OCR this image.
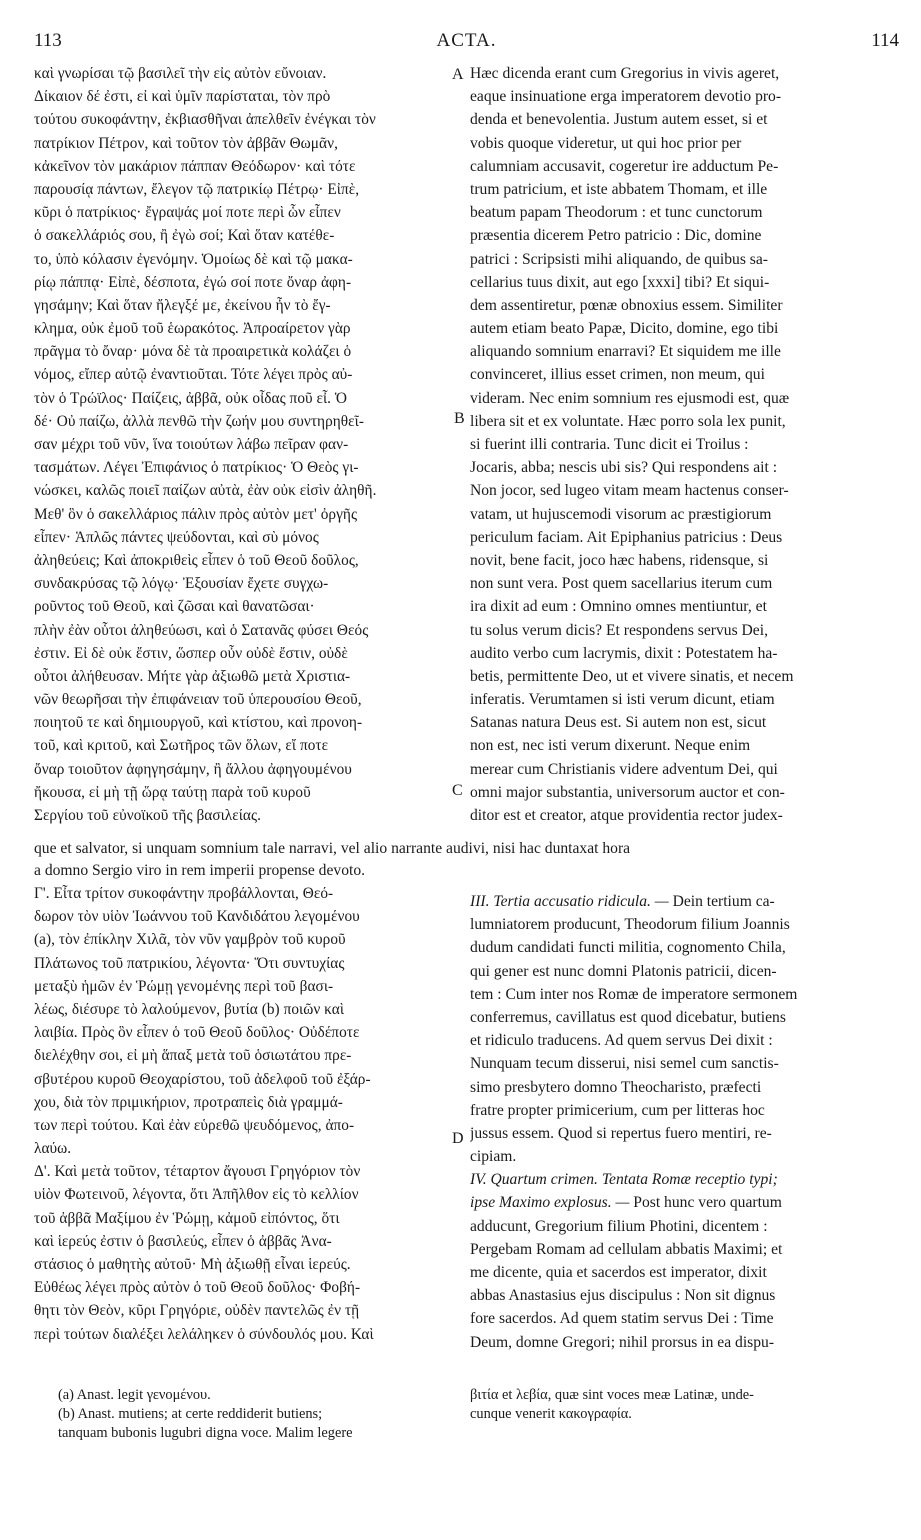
113	ACTA.	114
A
B
C
D
καὶ γνωρίσαι τῷ βασιλεῖ τὴν εἰς αὐτὸν εὔνοιαν.
Δίκαιον δέ ἐστι, εἰ καὶ ὑμῖν παρίσταται, τὸν πρὸ
τούτου συκοφάντην, ἐκβιασθῆναι ἀπελθεῖν ἐνέγκαι τὸν
πατρίκιον Πέτρον, καὶ τοῦτον τὸν ἀββᾶν Θωμᾶν,
κἀκεῖνον τὸν μακάριον πάππαν Θεόδωρον· καὶ τότε
παρουσίᾳ πάντων, ἔλεγον τῷ πατρικίῳ Πέτρῳ· Εἰπὲ,
κῦρι ὁ πατρίκιος· ἔγραψάς μοί ποτε περὶ ὧν εἶπεν
ὁ σακελλάριός σου, ἢ ἐγὼ σοί; Καὶ ὅταν κατέθε-
το, ὑπὸ κόλασιν ἐγενόμην. Ὁμοίως δὲ καὶ τῷ μακα-
ρίῳ πάππᾳ· Εἰπὲ, δέσποτα, ἐγώ σοί ποτε ὄναρ ἀφη-
γησάμην; Καὶ ὅταν ἤλεγξέ με, ἐκείνου ἦν τὸ ἔγ-
κλημα, οὐκ ἐμοῦ τοῦ ἑωρακότος. Ἀπροαίρετον γὰρ
πρᾶγμα τὸ ὄναρ· μόνα δὲ τὰ προαιρετικὰ κολάζει ὁ
νόμος, εἴπερ αὐτῷ ἐναντιοῦται. Τότε λέγει πρὸς αὐ-
τὸν ὁ Τρώϊλος· Παίζεις, ἀββᾶ, οὐκ οἶδας ποῦ εἶ. Ὁ
δέ· Οὐ παίζω, ἀλλὰ πενθῶ τὴν ζωήν μου συντηρηθεῖ-
σαν μέχρι τοῦ νῦν, ἵνα τοιούτων λάβω πεῖραν φαν-
τασμάτων. Λέγει Ἐπιφάνιος ὁ πατρίκιος· Ὁ Θεὸς γι-
νώσκει, καλῶς ποιεῖ παίζων αὐτὰ, ἐὰν οὐκ εἰσὶν ἀληθῆ.
Μεθ' ὃν ὁ σακελλάριος πάλιν πρὸς αὐτὸν μετ' ὀργῆς
εἶπεν· Ἁπλῶς πάντες ψεύδονται, καὶ σὺ μόνος
ἀληθεύεις; Καὶ ἀποκριθεὶς εἶπεν ὁ τοῦ Θεοῦ δοῦλος,
συνδακρύσας τῷ λόγῳ· Ἐξουσίαν ἔχετε συγχω-
ροῦντος τοῦ Θεοῦ, καὶ ζῶσαι καὶ θανατῶσαι·
πλὴν ἐὰν οὗτοι ἀληθεύωσι, καὶ ὁ Σατανᾶς φύσει Θεός
ἐστιν. Εἰ δὲ οὐκ ἔστιν, ὥσπερ οὖν οὐδὲ ἔστιν, οὐδὲ
οὗτοι ἀλήθευσαν. Μήτε γὰρ ἀξιωθῶ μετὰ Χριστια-
νῶν θεωρῆσαι τὴν ἐπιφάνειαν τοῦ ὑπερουσίου Θεοῦ,
ποιητοῦ τε καὶ δημιουργοῦ, καὶ κτίστου, καὶ προνοη-
τοῦ, καὶ κριτοῦ, καὶ Σωτῆρος τῶν ὅλων, εἴ ποτε
ὄναρ τοιοῦτον ἀφηγησάμην, ἢ ἄλλου ἀφηγουμένου
ἤκουσα, εἰ μὴ τῇ ὥρᾳ ταύτῃ παρὰ τοῦ κυροῦ
Σεργίου τοῦ εὐνοϊκοῦ τῆς βασιλείας.
Hæc dicenda erant cum Gregorius in vivis ageret,
eaque insinuatione erga imperatorem devotio pro-
denda et benevolentia. Justum autem esset, si et
vobis quoque videretur, ut qui hoc prior per
calumniam accusavit, cogeretur ire adductum Pe-
trum patricium, et iste abbatem Thomam, et ille
beatum papam Theodorum : et tunc cunctorum
præsentia dicerem Petro patricio : Dic, domine
patrici : Scripsisti mihi aliquando, de quibus sa-
cellarius tuus dixit, aut ego [xxxi] tibi? Et siqui-
dem assentiretur, pœnæ obnoxius essem. Similiter
autem etiam beato Papæ, Dicito, domine, ego tibi
aliquando somnium enarravi? Et siquidem me ille
convinceret, illius esset crimen, non meum, qui
videram. Nec enim somnium res ejusmodi est, quæ
libera sit et ex voluntate. Hæc porro sola lex punit,
si fuerint illi contraria. Tunc dicit ei Troilus :
Jocaris, abba; nescis ubi sis? Qui respondens ait :
Non jocor, sed lugeo vitam meam hactenus conser-
vatam, ut hujuscemodi visorum ac præstigiorum
periculum faciam. Ait Epiphanius patricius : Deus
novit, bene facit, joco hæc habens, ridensque, si
non sunt vera. Post quem sacellarius iterum cum
ira dixit ad eum : Omnino omnes mentiuntur, et
tu solus verum dicis? Et respondens servus Dei,
audito verbo cum lacrymis, dixit : Potestatem ha-
betis, permittente Deo, ut et vivere sinatis, et necem
inferatis. Verumtamen si isti verum dicunt, etiam
Satanas natura Deus est. Si autem non est, sicut
non est, nec isti verum dixerunt. Neque enim
merear cum Christianis videre adventum Dei, qui
omni major substantia, universorum auctor et con-
ditor est et creator, atque providentia rector judex-
que et salvator, si unquam somnium tale narravi, vel alio narrante audivi, nisi hac duntaxat hora
a domno Sergio viro in rem imperii propense devoto.
Γ'. Εἶτα τρίτον συκοφάντην προβάλλονται, Θεό-
δωρον τὸν υἱὸν Ἰωάννου τοῦ Κανδιδάτου λεγομένου
(a), τὸν ἐπίκλην Χιλᾶ, τὸν νῦν γαμβρὸν τοῦ κυροῦ
Πλάτωνος τοῦ πατρικίου, λέγοντα· Ὅτι συντυχίας
μεταξὺ ἡμῶν ἐν Ῥώμῃ γενομένης περὶ τοῦ βασι-
λέως, διέσυρε τὸ λαλούμενον, βυτία (b) ποιῶν καὶ
λαιβία. Πρὸς ὃν εἶπεν ὁ τοῦ Θεοῦ δοῦλος· Οὐδέποτε
διελέχθην σοι, εἰ μὴ ἅπαξ μετὰ τοῦ ὁσιωτάτου πρε-
σβυτέρου κυροῦ Θεοχαρίστου, τοῦ ἀδελφοῦ τοῦ ἐξάρ-
χου, διὰ τὸν πριμικήριον, προτραπεὶς διὰ γραμμά-
των περὶ τούτου. Καὶ ἐὰν εὑρεθῶ ψευδόμενος, ἀπο-
λαύω.
Δ'. Καὶ μετὰ τοῦτον, τέταρτον ἄγουσι Γρηγόριον τὸν
υἱὸν Φωτεινοῦ, λέγοντα, ὅτι Ἀπῆλθον εἰς τὸ κελλίον
τοῦ ἀββᾶ Μαξίμου ἐν Ῥώμῃ, κἀμοῦ εἰπόντος, ὅτι
καὶ ἱερεύς ἐστιν ὁ βασιλεύς, εἶπεν ὁ ἀββᾶς Ἀνα-
στάσιος ὁ μαθητὴς αὐτοῦ· Μὴ ἀξιωθῇ εἶναι ἱερεύς.
Εὐθέως λέγει πρὸς αὐτὸν ὁ τοῦ Θεοῦ δοῦλος· Φοβή-
θητι τὸν Θεὸν, κῦρι Γρηγόριε, οὐδὲν παντελῶς ἐν τῇ
περὶ τούτων διαλέξει λελάληκεν ὁ σύνδουλός μου. Καὶ
III. Tertia accusatio ridicula. — Dein tertium ca-
lumniatorem producunt, Theodorum filium Joannis
dudum candidati functi militia, cognomento Chila,
qui gener est nunc domni Platonis patricii, dicen-
tem : Cum inter nos Romæ de imperatore sermonem
conferremus, cavillatus est quod dicebatur, butiens
et ridiculo traducens. Ad quem servus Dei dixit :
Nunquam tecum disserui, nisi semel cum sanctis-
simo presbytero domno Theocharisto, præfecti
fratre propter primicerium, cum per litteras hoc
jussus essem. Quod si repertus fuero mentiri, re-
cipiam.
IV. Quartum crimen. Tentata Romæ receptio typi;
ipse Maximo explosus. — Post hunc vero quartum
adducunt, Gregorium filium Photini, dicentem :
Pergebam Romam ad cellulam abbatis Maximi; et
me dicente, quia et sacerdos est imperator, dixit
abbas Anastasius ejus discipulus : Non sit dignus
fore sacerdos. Ad quem statim servus Dei : Time
Deum, domne Gregori; nihil prorsus in ea dispu-
(a) Anast. legit γενομένου.
(b) Anast. mutiens; at certe reddiderit butiens;
tanquam bubonis lugubri digna voce. Malim legere
βιτία et λεβία, quæ sint voces meæ Latinæ, unde-
cunque venerit κακογραφία.
